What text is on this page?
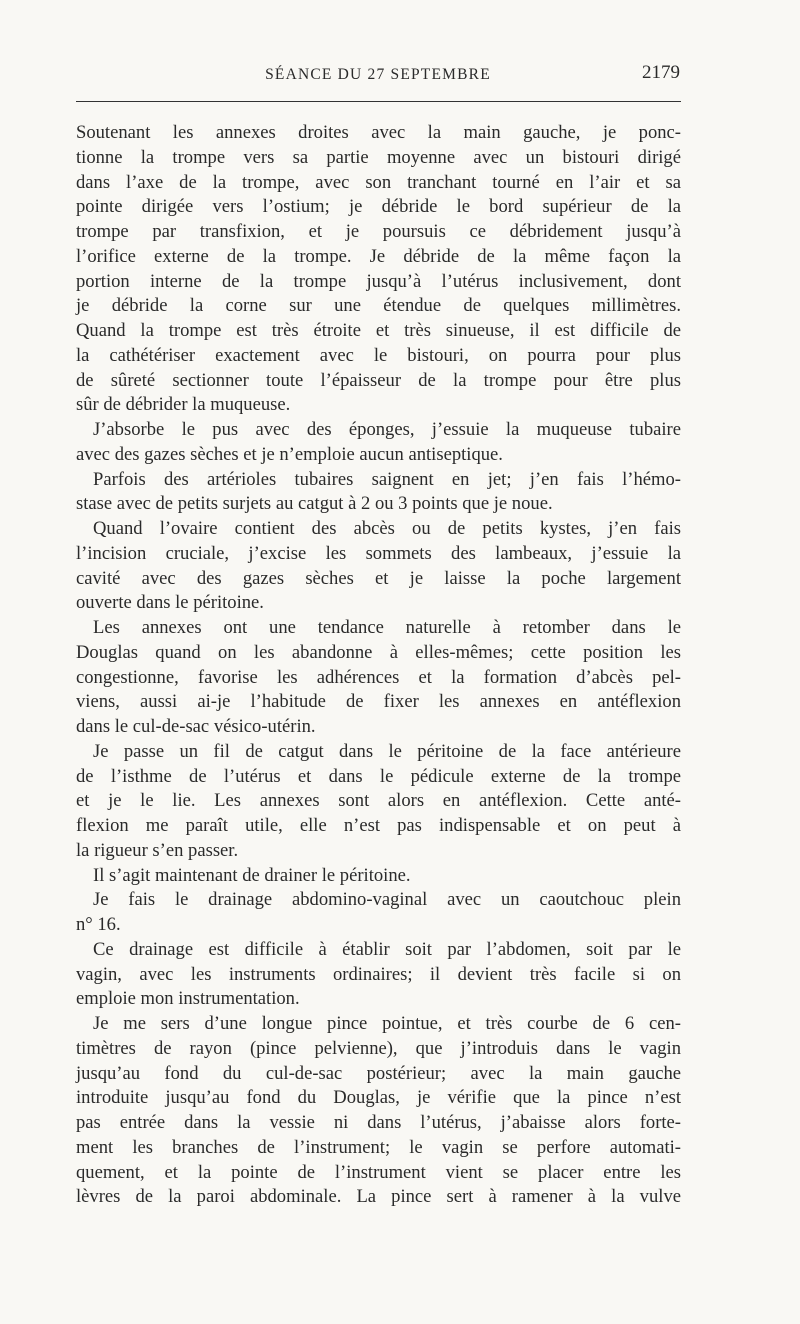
SÉANCE DU 27 SEPTEMBRE	2179

Soutenant les annexes droites avec la main gauche, je ponc-
tionne la trompe vers sa partie moyenne avec un bistouri dirigé
dans l’axe de la trompe, avec son tranchant tourné en l’air et sa
pointe dirigée vers l’ostium; je débride le bord supérieur de la
trompe par transfixion, et je poursuis ce débridement jusqu’à
l’orifice externe de la trompe. Je débride de la même façon la
portion interne de la trompe jusqu’à l’utérus inclusivement, dont
je débride la corne sur une étendue de quelques millimètres.
Quand la trompe est très étroite et très sinueuse, il est difficile de
la cathétériser exactement avec le bistouri, on pourra pour plus
de sûreté sectionner toute l’épaisseur de la trompe pour être plus
sûr de débrider la muqueuse.

J’absorbe le pus avec des éponges, j’essuie la muqueuse tubaire
avec des gazes sèches et je n’emploie aucun antiseptique.

Parfois des artérioles tubaires saignent en jet; j’en fais l’hémo-
stase avec de petits surjets au catgut à 2 ou 3 points que je noue.

Quand l’ovaire contient des abcès ou de petits kystes, j’en fais
l’incision cruciale, j’excise les sommets des lambeaux, j’essuie la
cavité avec des gazes sèches et je laisse la poche largement
ouverte dans le péritoine.

Les annexes ont une tendance naturelle à retomber dans le
Douglas quand on les abandonne à elles-mêmes; cette position les
congestionne, favorise les adhérences et la formation d’abcès pel-
viens, aussi ai-je l’habitude de fixer les annexes en antéflexion
dans le cul-de-sac vésico-utérin.

Je passe un fil de catgut dans le péritoine de la face antérieure
de l’isthme de l’utérus et dans le pédicule externe de la trompe
et je le lie. Les annexes sont alors en antéflexion. Cette anté-
flexion me paraît utile, elle n’est pas indispensable et on peut à
la rigueur s’en passer.

Il s’agit maintenant de drainer le péritoine.

Je fais le drainage abdomino-vaginal avec un caoutchouc plein
n° 16.

Ce drainage est difficile à établir soit par l’abdomen, soit par le
vagin, avec les instruments ordinaires; il devient très facile si on
emploie mon instrumentation.

Je me sers d’une longue pince pointue, et très courbe de 6 cen-
timètres de rayon (pince pelvienne), que j’introduis dans le vagin
jusqu’au fond du cul-de-sac postérieur; avec la main gauche
introduite jusqu’au fond du Douglas, je vérifie que la pince n’est
pas entrée dans la vessie ni dans l’utérus, j’abaisse alors forte-
ment les branches de l’instrument; le vagin se perfore automati-
quement, et la pointe de l’instrument vient se placer entre les
lèvres de la paroi abdominale. La pince sert à ramener à la vulve
